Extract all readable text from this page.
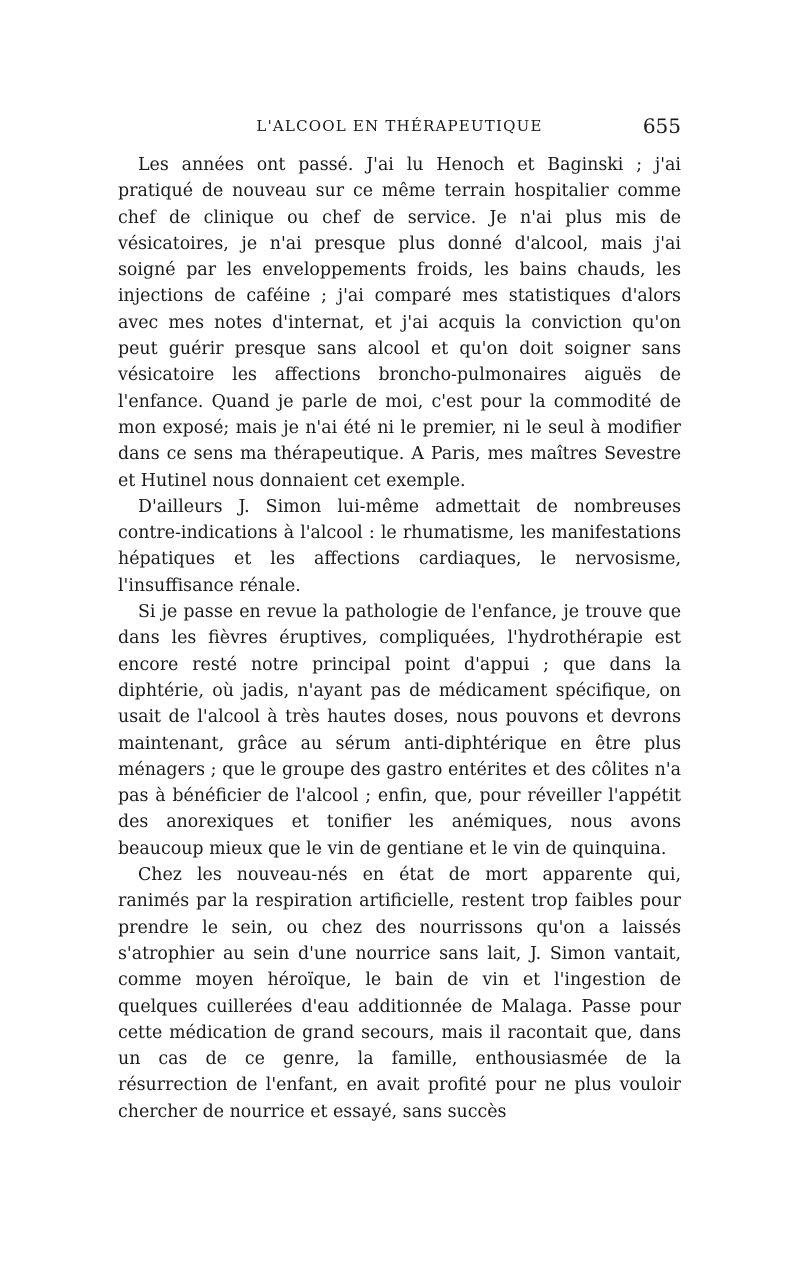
L'ALCOOL EN THÉRAPEUTIQUE	655

Les années ont passé. J'ai lu Henoch et Baginski ; j'ai pratiqué de nouveau sur ce même terrain hospitalier comme chef de clinique ou chef de service. Je n'ai plus mis de vésicatoires, je n'ai presque plus donné d'alcool, mais j'ai soigné par les enveloppements froids, les bains chauds, les injections de caféine ; j'ai comparé mes statistiques d'alors avec mes notes d'internat, et j'ai acquis la conviction qu'on peut guérir presque sans alcool et qu'on doit soigner sans vésicatoire les affections broncho-pulmonaires aiguës de l'enfance. Quand je parle de moi, c'est pour la commodité de mon exposé; mais je n'ai été ni le premier, ni le seul à modifier dans ce sens ma thérapeutique. A Paris, mes maîtres Sevestre et Hutinel nous donnaient cet exemple.

D'ailleurs J. Simon lui-même admettait de nombreuses contre-indications à l'alcool : le rhumatisme, les manifestations hépatiques et les affections cardiaques, le nervosisme, l'insuffisance rénale.

Si je passe en revue la pathologie de l'enfance, je trouve que dans les fièvres éruptives, compliquées, l'hydrothérapie est encore resté notre principal point d'appui ; que dans la diphtérie, où jadis, n'ayant pas de médicament spécifique, on usait de l'alcool à très hautes doses, nous pouvons et devrons maintenant, grâce au sérum anti-diphtérique en être plus ménagers ; que le groupe des gastro entérites et des côlites n'a pas à bénéficier de l'alcool ; enfin, que, pour réveiller l'appétit des anorexiques et tonifier les anémiques, nous avons beaucoup mieux que le vin de gentiane et le vin de quinquina.

Chez les nouveau-nés en état de mort apparente qui, ranimés par la respiration artificielle, restent trop faibles pour prendre le sein, ou chez des nourrissons qu'on a laissés s'atrophier au sein d'une nourrice sans lait, J. Simon vantait, comme moyen héroïque, le bain de vin et l'ingestion de quelques cuillerées d'eau additionnée de Malaga. Passe pour cette médication de grand secours, mais il racontait que, dans un cas de ce genre, la famille, enthousiasmée de la résurrection de l'enfant, en avait profité pour ne plus vouloir chercher de nourrice et essayé, sans succès
